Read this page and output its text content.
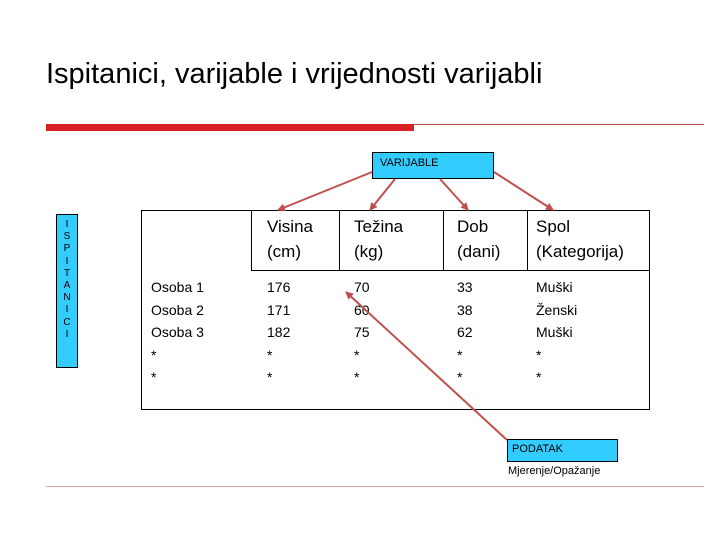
Ispitanici, varijable i vrijednosti varijabli
VARIJABLE
I
S
P
I
T
A
N
I
C
I
Visina
(cm)
Težina
(kg)
Dob
(dani)
Spol
(Kategorija)
Osoba 1
Osoba 2
Osoba 3
*
*
176
171
182
*
*
70
60
75
*
*
33
38
62
*
*
Muški
Ženski
Muški
*
*
PODATAK
Mjerenje/Opažanje
